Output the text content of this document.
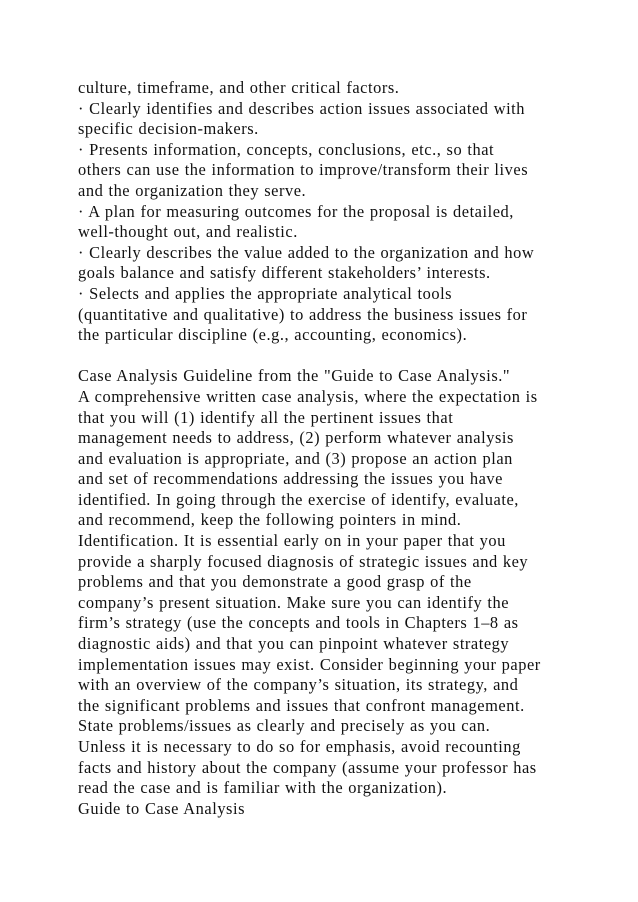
culture, timeframe, and other critical factors.
· Clearly identifies and describes action issues associated with
specific decision-makers.
· Presents information, concepts, conclusions, etc., so that
others can use the information to improve/transform their lives
and the organization they serve.
· A plan for measuring outcomes for the proposal is detailed,
well-thought out, and realistic.
· Clearly describes the value added to the organization and how
goals balance and satisfy different stakeholders’ interests.
· Selects and applies the appropriate analytical tools
(quantitative and qualitative) to address the business issues for
the particular discipline (e.g., accounting, economics).
Case Analysis Guideline from the "Guide to Case Analysis."
A comprehensive written case analysis, where the expectation is
that you will (1) identify all the pertinent issues that
management needs to address, (2) perform whatever analysis
and evaluation is appropriate, and (3) propose an action plan
and set of recommendations addressing the issues you have
identified. In going through the exercise of identify, evaluate,
and recommend, keep the following pointers in mind.
Identification. It is essential early on in your paper that you
provide a sharply focused diagnosis of strategic issues and key
problems and that you demonstrate a good grasp of the
company’s present situation. Make sure you can identify the
firm’s strategy (use the concepts and tools in Chapters 1–8 as
diagnostic aids) and that you can pinpoint whatever strategy
implementation issues may exist. Consider beginning your paper
with an overview of the company’s situation, its strategy, and
the significant problems and issues that confront management.
State problems/issues as clearly and precisely as you can.
Unless it is necessary to do so for emphasis, avoid recounting
facts and history about the company (assume your professor has
read the case and is familiar with the organization).
Guide to Case Analysis
